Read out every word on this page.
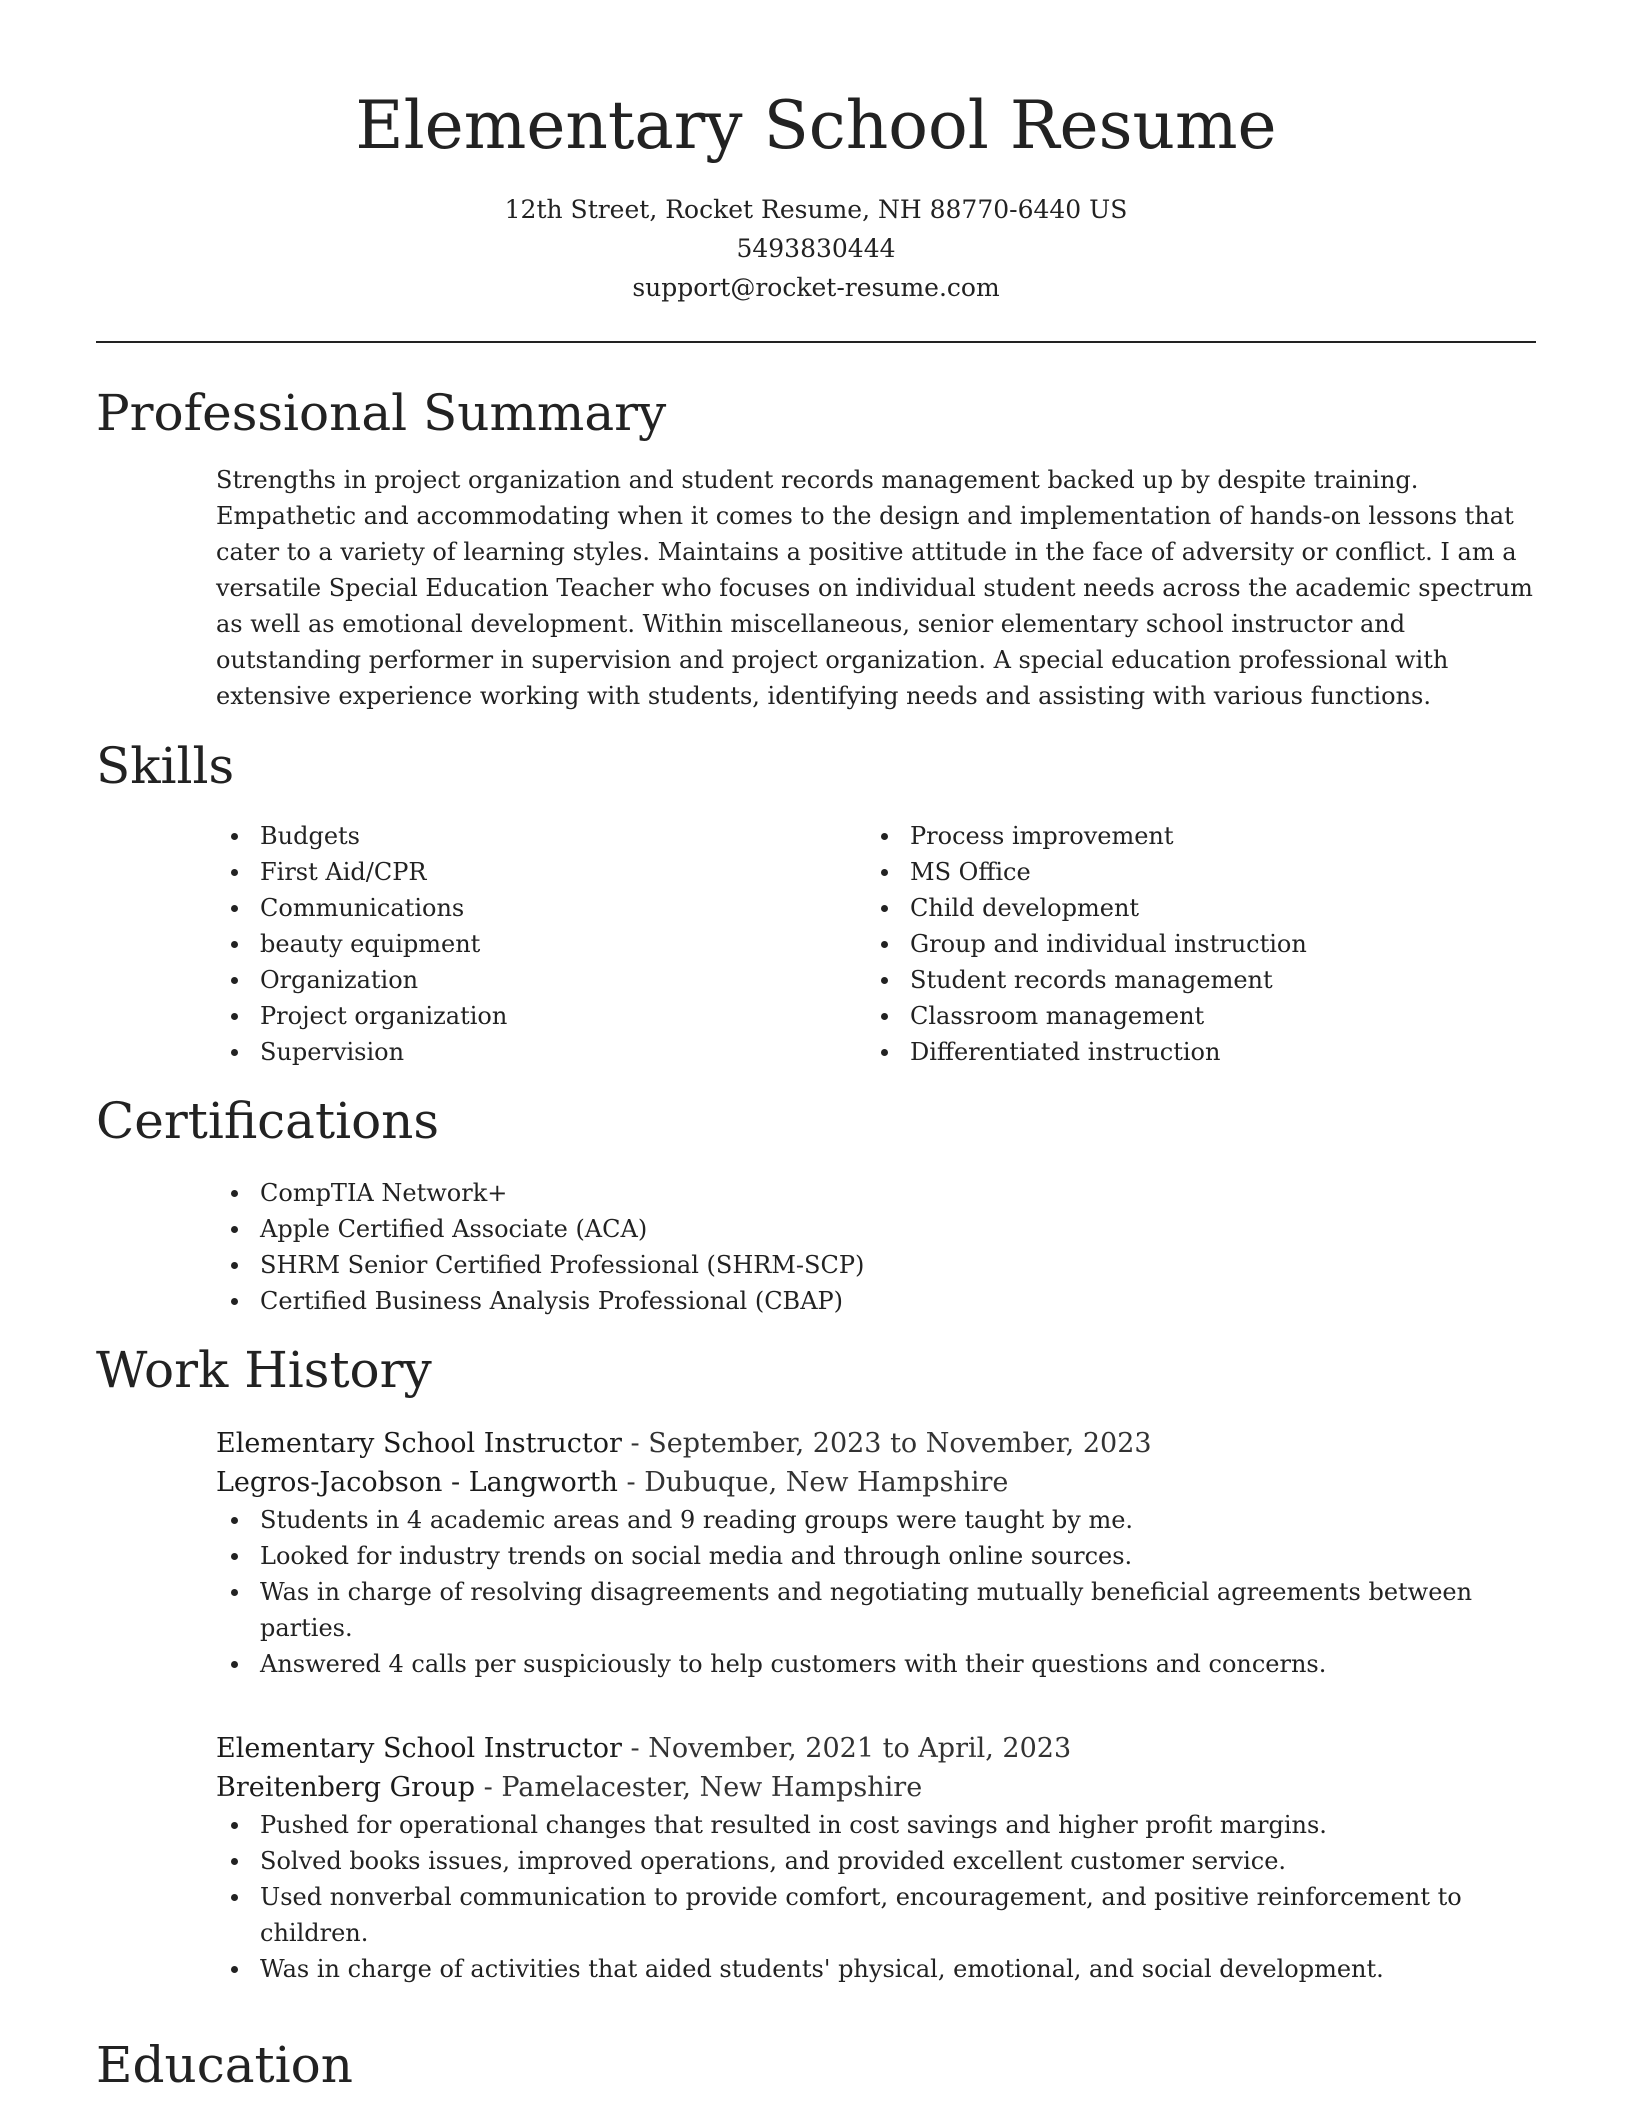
Elementary School Resume
12th Street, Rocket Resume, NH 88770-6440 US
5493830444
support@rocket-resume.com
Professional Summary
Strengths in project organization and student records management backed up by despite training. Empathetic and accommodating when it comes to the design and implementation of hands-on lessons that cater to a variety of learning styles. Maintains a positive attitude in the face of adversity or conflict. I am a versatile Special Education Teacher who focuses on individual student needs across the academic spectrum as well as emotional development. Within miscellaneous, senior elementary school instructor and outstanding performer in supervision and project organization. A special education professional with extensive experience working with students, identifying needs and assisting with various functions.
Skills
Budgets
First Aid/CPR
Communications
beauty equipment
Organization
Project organization
Supervision
Process improvement
MS Office
Child development
Group and individual instruction
Student records management
Classroom management
Differentiated instruction
Certifications
CompTIA Network+
Apple Certified Associate (ACA)
SHRM Senior Certified Professional (SHRM-SCP)
Certified Business Analysis Professional (CBAP)
Work History
Elementary School Instructor - September, 2023 to November, 2023
Legros-Jacobson - Langworth - Dubuque, New Hampshire
Students in 4 academic areas and 9 reading groups were taught by me.
Looked for industry trends on social media and through online sources.
Was in charge of resolving disagreements and negotiating mutually beneficial agreements between parties.
Answered 4 calls per suspiciously to help customers with their questions and concerns.
Elementary School Instructor - November, 2021 to April, 2023
Breitenberg Group - Pamelacester, New Hampshire
Pushed for operational changes that resulted in cost savings and higher profit margins.
Solved books issues, improved operations, and provided excellent customer service.
Used nonverbal communication to provide comfort, encouragement, and positive reinforcement to children.
Was in charge of activities that aided students' physical, emotional, and social development.
Education
